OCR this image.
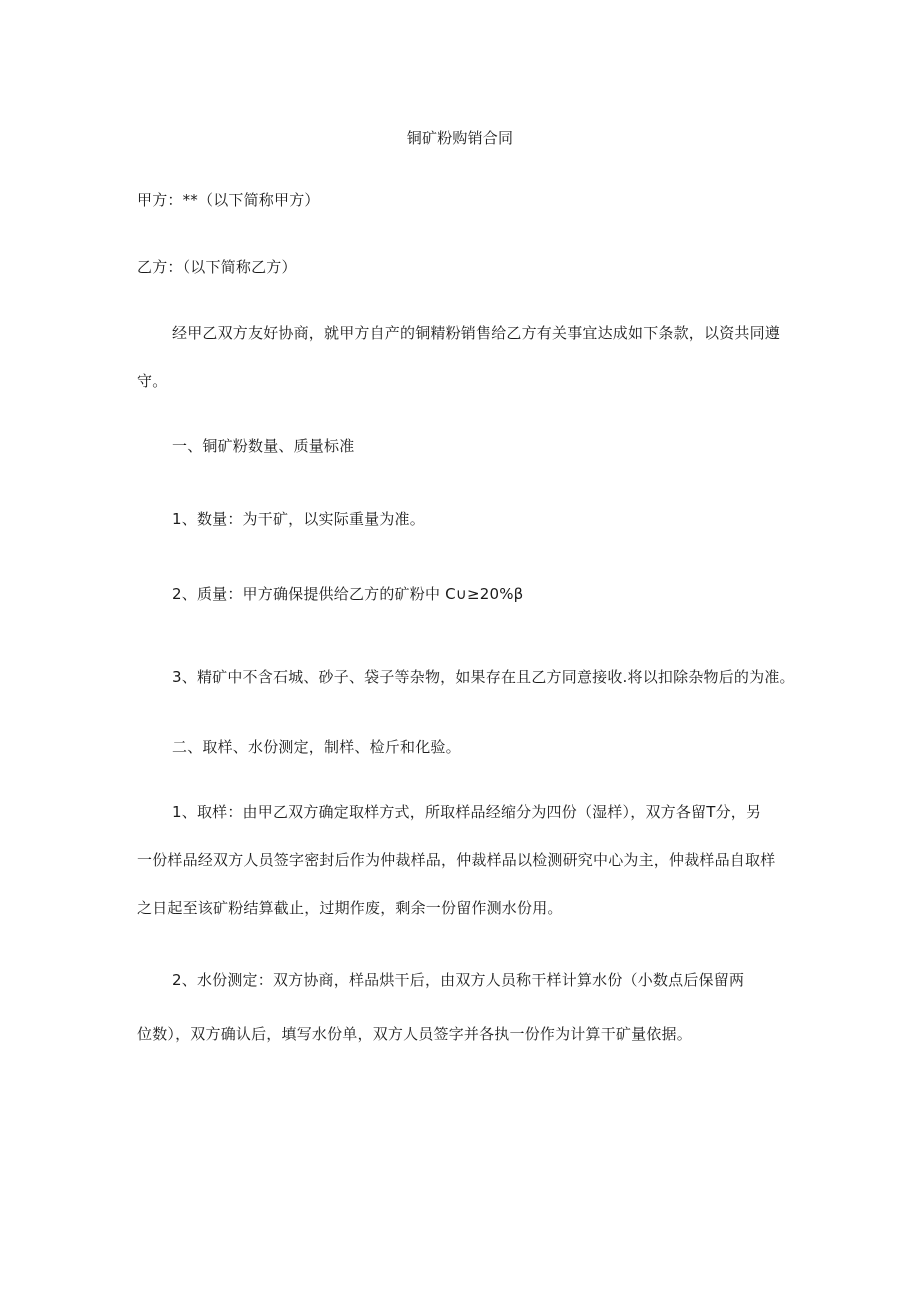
铜矿粉购销合同
甲方：**（以下简称甲方）
乙方：（以下简称乙方）
经甲乙双方友好协商，就甲方自产的铜精粉销售给乙方有关事宜达成如下条款，以资共同遵
守。
一、铜矿粉数量、质量标准
1、数量：为干矿，以实际重量为准。
2、质量：甲方确保提供给乙方的矿粉中 C∪≥20%β
3、精矿中不含石城、砂子、袋子等杂物，如果存在且乙方同意接收.将以扣除杂物后的为准。
二、取样、水份测定，制样、检斤和化验。
1、取样：由甲乙双方确定取样方式，所取样品经缩分为四份（湿样），双方各留T分，另
一份样品经双方人员签字密封后作为仲裁样品，仲裁样品以检测研究中心为主，仲裁样品自取样
之日起至该矿粉结算截止，过期作废，剩余一份留作测水份用。
2、水份测定：双方协商，样品烘干后，由双方人员称干样计算水份（小数点后保留两
位数），双方确认后，填写水份单，双方人员签字并各执一份作为计算干矿量依据。
